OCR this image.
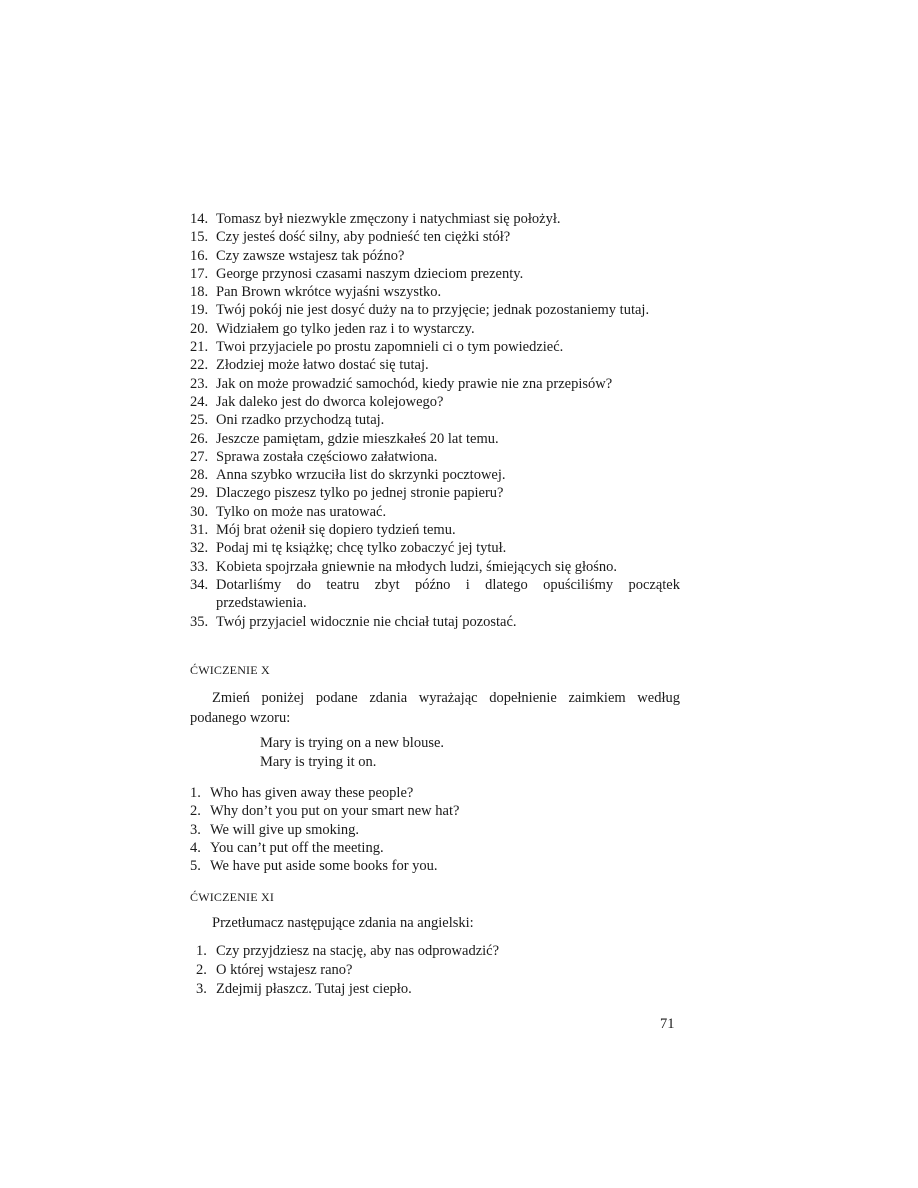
14. Tomasz był niezwykle zmęczony i natychmiast się położył.
15. Czy jesteś dość silny, aby podnieść ten ciężki stół?
16. Czy zawsze wstajesz tak późno?
17. George przynosi czasami naszym dzieciom prezenty.
18. Pan Brown wkrótce wyjaśni wszystko.
19. Twój pokój nie jest dosyć duży na to przyjęcie; jednak pozostaniemy tutaj.
20. Widziałem go tylko jeden raz i to wystarczy.
21. Twoi przyjaciele po prostu zapomnieli ci o tym powiedzieć.
22. Złodziej może łatwo dostać się tutaj.
23. Jak on może prowadzić samochód, kiedy prawie nie zna przepisów?
24. Jak daleko jest do dworca kolejowego?
25. Oni rzadko przychodzą tutaj.
26. Jeszcze pamiętam, gdzie mieszkałeś 20 lat temu.
27. Sprawa została częściowo załatwiona.
28. Anna szybko wrzuciła list do skrzynki pocztowej.
29. Dlaczego piszesz tylko po jednej stronie papieru?
30. Tylko on może nas uratować.
31. Mój brat ożenił się dopiero tydzień temu.
32. Podaj mi tę książkę; chcę tylko zobaczyć jej tytuł.
33. Kobieta spojrzała gniewnie na młodych ludzi, śmiejących się głośno.
34. Dotarliśmy do teatru zbyt późno i dlatego opuściliśmy początek przedstawienia.
35. Twój przyjaciel widocznie nie chciał tutaj pozostać.
ĆWICZENIE X

Zmień poniżej podane zdania wyrażając dopełnienie zaimkiem według podanego wzoru:

Mary is trying on a new blouse.
Mary is trying it on.
1. Who has given away these people?
2. Why don’t you put on your smart new hat?
3. We will give up smoking.
4. You can’t put off the meeting.
5. We have put aside some books for you.
ĆWICZENIE XI

Przetłumacz następujące zdania na angielski:

1. Czy przyjdziesz na stację, aby nas odprowadzić?
2. O której wstajesz rano?
3. Zdejmij płaszcz. Tutaj jest ciepło.
71
